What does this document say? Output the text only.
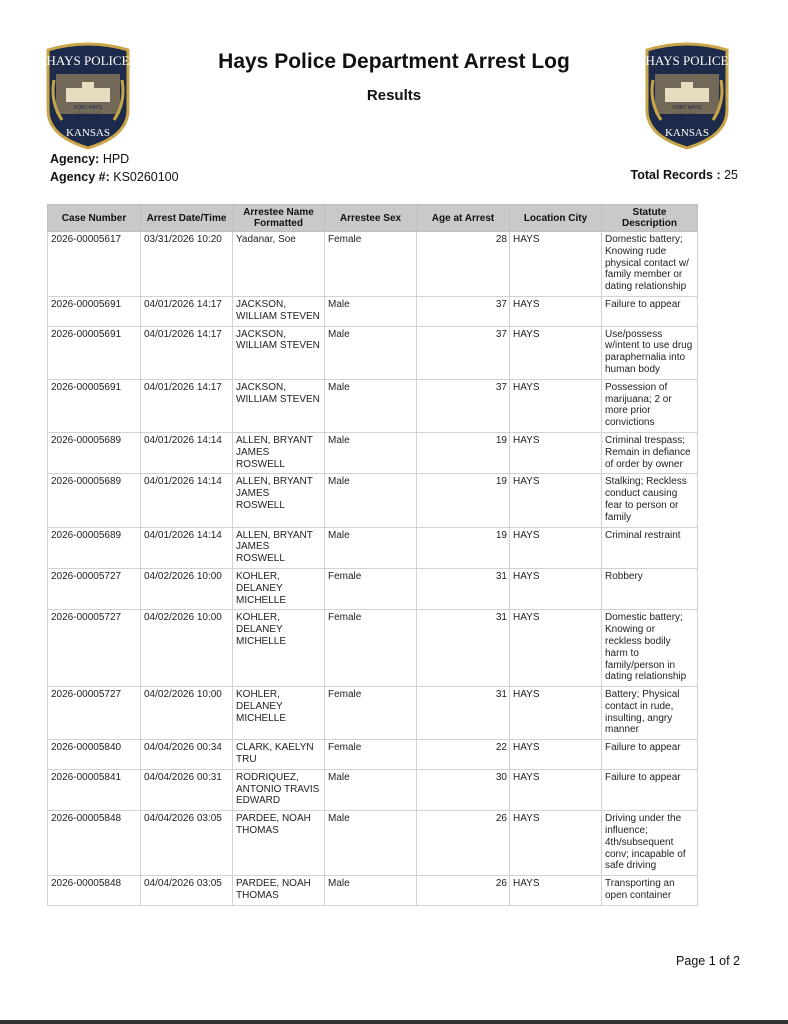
HAYS POLICE
FORT HAYS
EST. 1867
KANSAS
HAYS POLICE
FORT HAYS
EST. 1867
KANSAS
Hays Police Department Arrest Log
Results
Agency: HPD
Agency #: KS0260100	Total Records : 25
Case Number	Arrest Date/Time	Arrestee Name Formatted	Arrestee Sex	Age at Arrest	Location City	Statute Description
2026-00005617	03/31/2026 10:20	Yadanar, Soe	Female	28	HAYS	Domestic battery; Knowing rude physical contact w/ family member or dating relationship
2026-00005691	04/01/2026 14:17	JACKSON, WILLIAM STEVEN	Male	37	HAYS	Failure to appear
2026-00005691	04/01/2026 14:17	JACKSON, WILLIAM STEVEN	Male	37	HAYS	Use/possess w/intent to use drug paraphernalia into human body
2026-00005691	04/01/2026 14:17	JACKSON, WILLIAM STEVEN	Male	37	HAYS	Possession of marijuana; 2 or more prior convictions
2026-00005689	04/01/2026 14:14	ALLEN, BRYANT JAMES ROSWELL	Male	19	HAYS	Criminal trespass; Remain in defiance of order by owner
2026-00005689	04/01/2026 14:14	ALLEN, BRYANT JAMES ROSWELL	Male	19	HAYS	Stalking; Reckless conduct causing fear to person or family
2026-00005689	04/01/2026 14:14	ALLEN, BRYANT JAMES ROSWELL	Male	19	HAYS	Criminal restraint
2026-00005727	04/02/2026 10:00	KOHLER, DELANEY MICHELLE	Female	31	HAYS	Robbery
2026-00005727	04/02/2026 10:00	KOHLER, DELANEY MICHELLE	Female	31	HAYS	Domestic battery; Knowing or reckless bodily harm to family/person in dating relationship
2026-00005727	04/02/2026 10:00	KOHLER, DELANEY MICHELLE	Female	31	HAYS	Battery; Physical contact in rude, insulting, angry manner
2026-00005840	04/04/2026 00:34	CLARK, KAELYN TRU	Female	22	HAYS	Failure to appear
2026-00005841	04/04/2026 00:31	RODRIQUEZ, ANTONIO TRAVIS EDWARD	Male	30	HAYS	Failure to appear
2026-00005848	04/04/2026 03:05	PARDEE, NOAH THOMAS	Male	26	HAYS	Driving under the influence; 4th/subsequent conv; incapable of safe driving
2026-00005848	04/04/2026 03:05	PARDEE, NOAH THOMAS	Male	26	HAYS	Transporting an open container
Page 1 of 2
